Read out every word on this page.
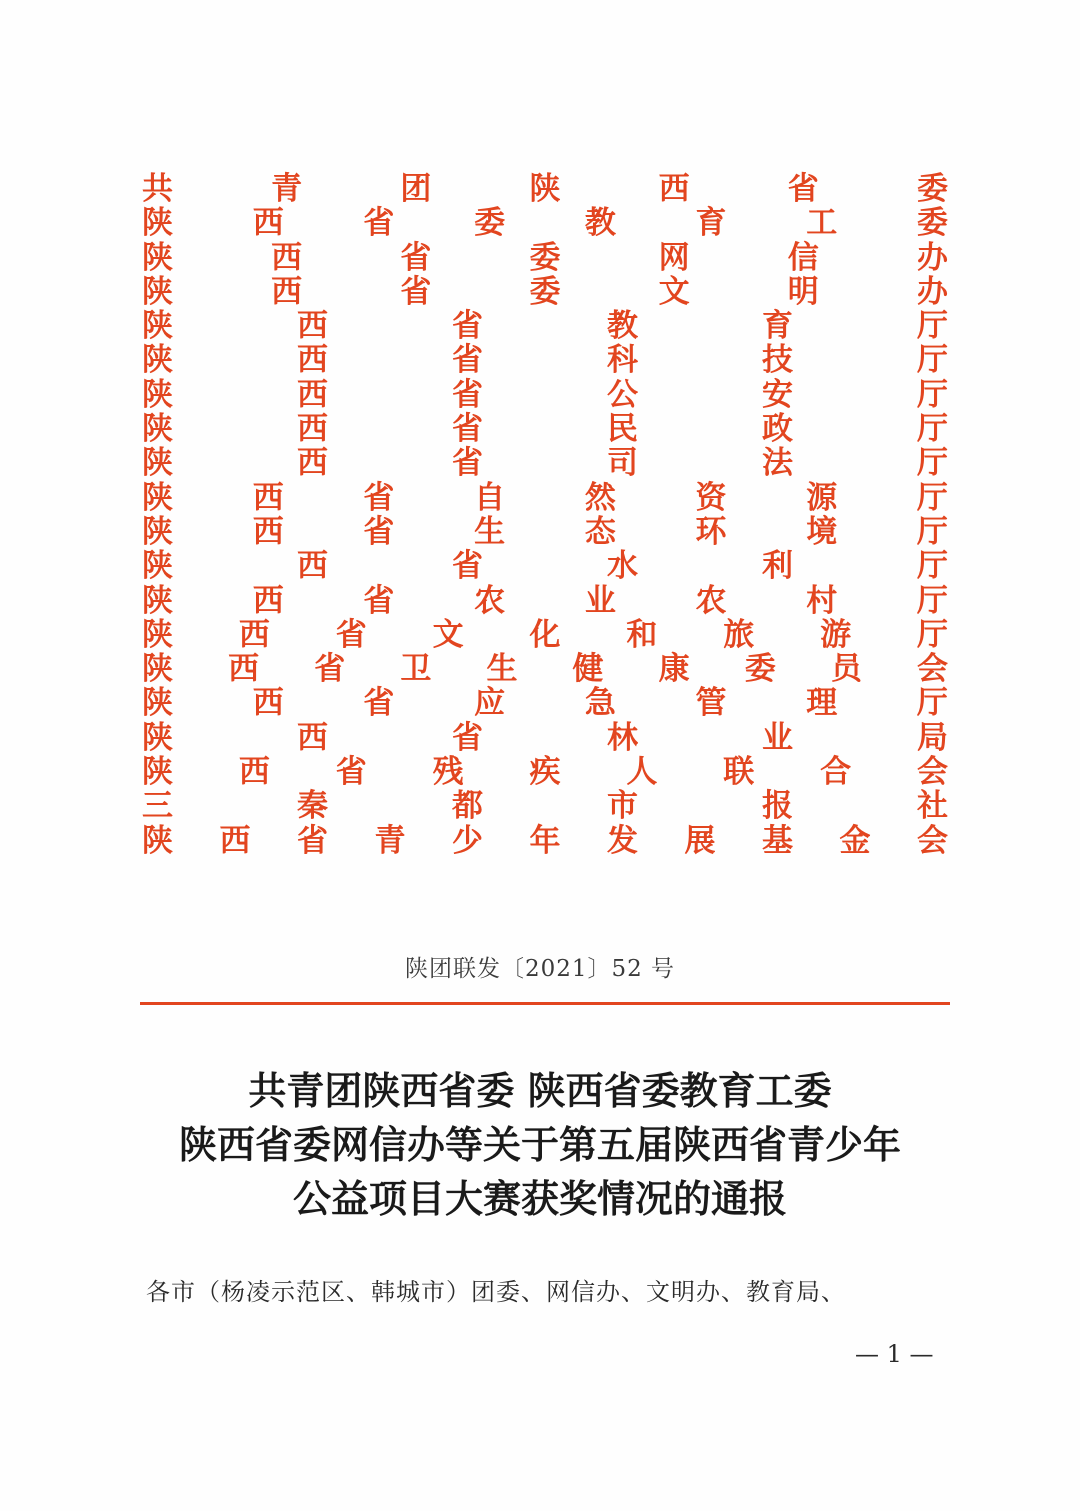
共	青	团	陕	西	省	委
陕	西	省	委	教	育	工	委
陕	西	省	委	网	信	办
陕	西	省	委	文	明	办
陕	西	省	教	育	厅
陕	西	省	科	技	厅
陕	西	省	公	安	厅
陕	西	省	民	政	厅
陕	西	省	司	法	厅
陕	西	省	自	然	资	源	厅
陕	西	省	生	态	环	境	厅
陕	西	省	水	利	厅
陕	西	省	农	业	农	村	厅
陕 西 省 文 化 和 旅 游 厅
陕 西 省 卫 生 健 康 委 员 会
陕	西	省	应	急	管	理	厅
陕	西	省	林	业	局
陕 西 省 残 疾 人 联 合 会
三	秦	都	市	报	社
陕 西 省 青 少 年 发 展 基 金 会
陕团联发〔2021〕52 号
共青团陕西省委 陕西省委教育工委
陕西省委网信办等关于第五届陕西省青少年
公益项目大赛获奖情况的通报
各市（杨凌示范区、韩城市）团委、网信办、文明办、教育局、
— 1 —
